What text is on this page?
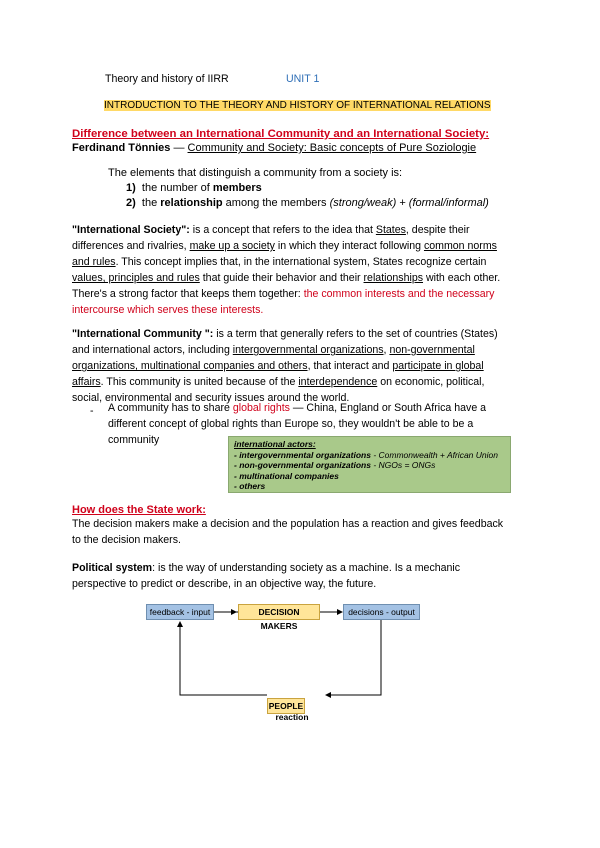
Theory and history of IIRR	UNIT 1
INTRODUCTION TO THE THEORY AND HISTORY OF INTERNATIONAL RELATIONS
Difference between an International Community and an International Society:
Ferdinand Tönnies — Community and Society: Basic concepts of Pure Soziologie
The elements that distinguish a community from a society is:
1) the number of members
2) the relationship among the members (strong/weak) + (formal/informal)
"International Society": is a concept that refers to the idea that States, despite their
differences and rivalries, make up a society in which they interact following common norms
and rules. This concept implies that, in the international system, States recognize certain
values, principles and rules that guide their behavior and their relationships with each other.
There's a strong factor that keeps them together: the common interests and the necessary
intercourse which serves these interests.
"International Community ": is a term that generally refers to the set of countries (States)
and international actors, including intergovernmental organizations, non-governmental
organizations, multinational companies and others, that interact and participate in global
affairs. This community is united because of the interdependence on economic, political,
social, environmental and security issues around the world.
- A community has to share global rights — China, England or South Africa have a
different concept of global rights than Europe so, they wouldn't be able to be a
community	international actors:
- intergovernmental organizations - Commonwealth + African Union
- non-governmental organizations - NGOs = ONGs
- multinational companies
- others
How does the State work:
The decision makers make a decision and the population has a reaction and gives feedback
to the decision makers.
Political system: is the way of understanding society as a machine. Is a mechanic
perspective to predict or describe, in an objective way, the future.
feedback - input	DECISION MAKERS
decisions - output
PEOPLE
reaction
